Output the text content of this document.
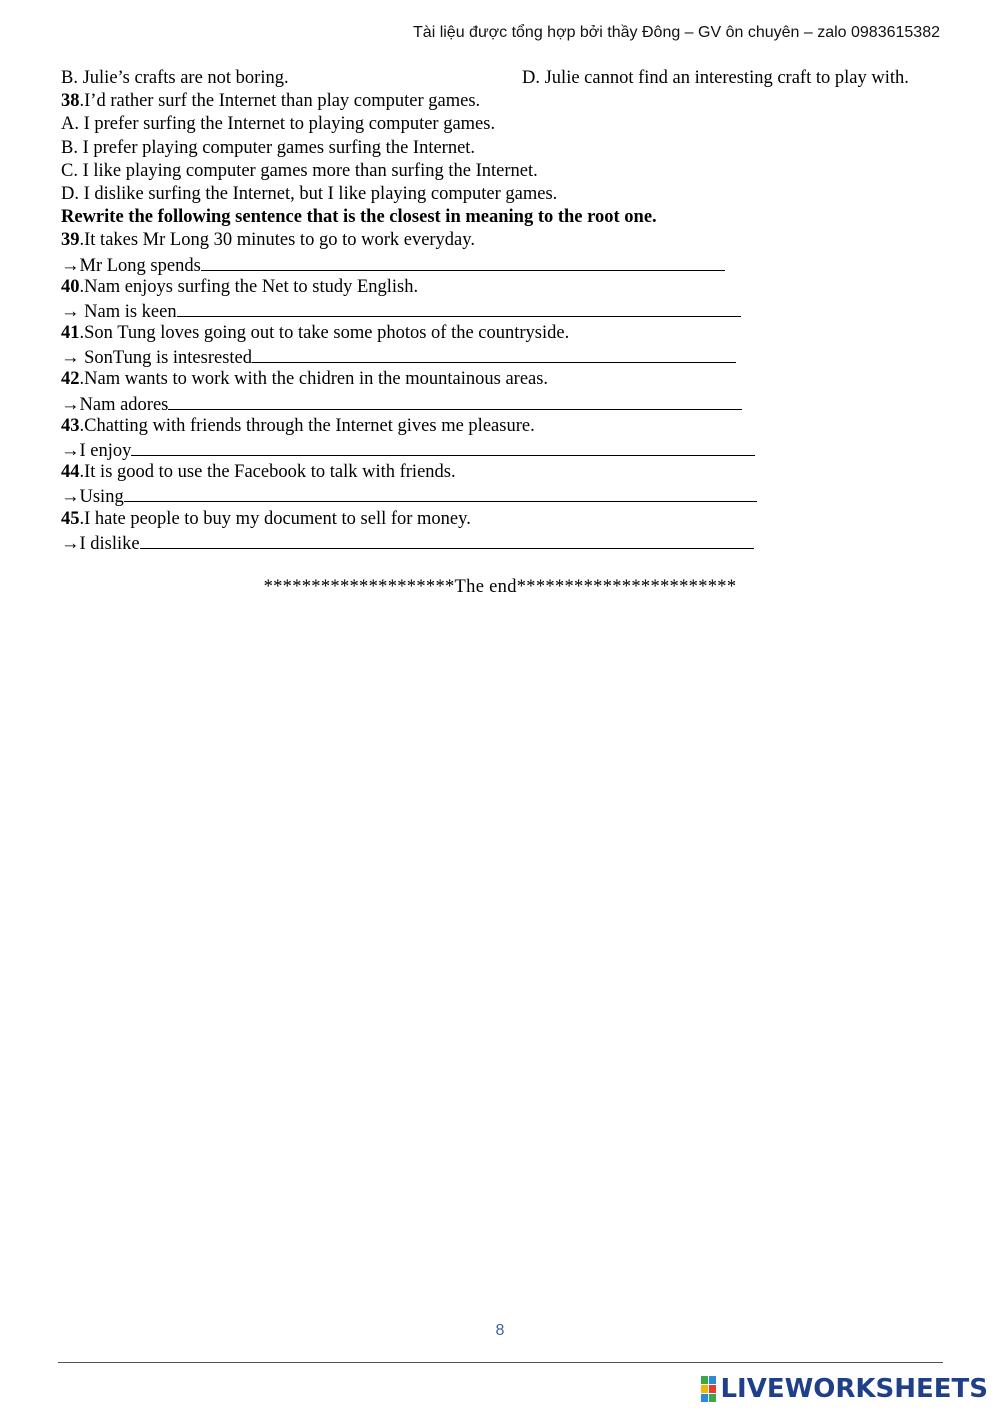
Tài liệu được tổng hợp bởi thầy Đông – GV ôn chuyên – zalo 0983615382
B. Julie’s crafts are not boring.	D. Julie cannot find an interesting craft to play with.
38.I’d rather surf the Internet than play computer games.
A. I prefer surfing the Internet to playing computer games.
B. I prefer playing computer games surfing the Internet.
C. I like playing computer games more than surfing the Internet.
D. I dislike surfing the Internet, but I like playing computer games.
Rewrite the following sentence that is the closest in meaning to the root one.
39.It takes Mr Long 30 minutes to go to work everyday.
→Mr Long spends
40.Nam enjoys surfing the Net to study English.
→ Nam is keen
41.Son Tung loves going out to take some photos of the countryside.
→ SonTung is intesrested
42.Nam wants to work with the chidren in the mountainous areas.
→Nam adores
43.Chatting with friends through the Internet gives me pleasure.
→I enjoy
44.It is good to use the Facebook to talk with friends.
→Using
45.I hate people to buy my document to sell for money.
→I dislike
********************The end***********************
8
LIVEWORKSHEETS
